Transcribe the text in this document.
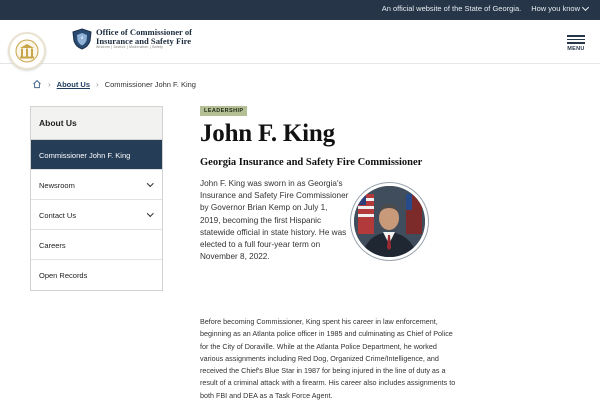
An official website of the State of Georgia. How you know
Office of Commissioner of
Insurance and Safety Fire
Wisdom | Justice | Moderation | Safety	MENU
› About Us › Commissioner John F. King
About Us
Commissioner John F. King
Newsroom
Contact Us
Careers
Open Records
LEADERSHIP
John F. King
Georgia Insurance and Safety Fire Commissioner

John F. King was sworn in as Georgia's Insurance and Safety Fire Commissioner by Governor Brian Kemp on July 1, 2019, becoming the first Hispanic statewide official in state history. He was elected to a full four-year term on November 8, 2022.

Before becoming Commissioner, King spent his career in law enforcement, beginning as an Atlanta police officer in 1985 and culminating as Chief of Police for the City of Doraville. While at the Atlanta Police Department, he worked various assignments including Red Dog, Organized Crime/Intelligence, and received the Chief's Blue Star in 1987 for being injured in the line of duty as a result of a criminal attack with a firearm. His career also includes assignments to both FBI and DEA as a Task Force Agent.
